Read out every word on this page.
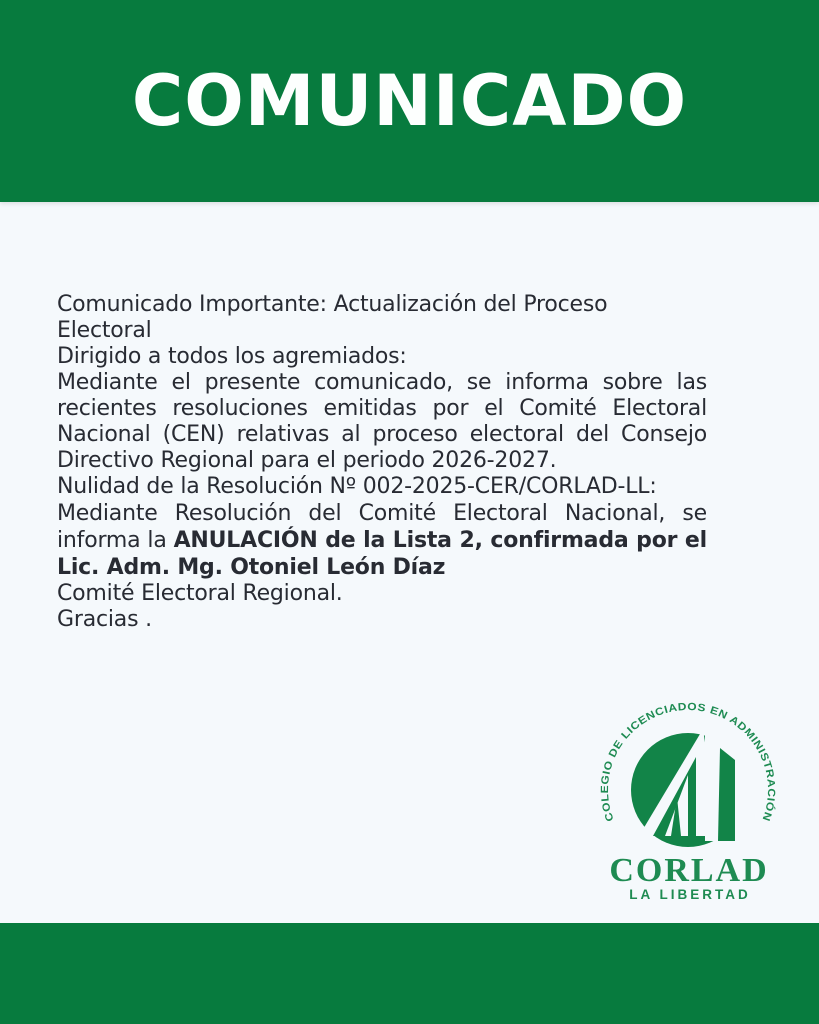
COMUNICADO

Comunicado Importante: Actualización del Proceso Electoral
Dirigido a todos los agremiados:

Mediante el presente comunicado, se informa sobre las recientes resoluciones emitidas por el Comité Electoral Nacional (CEN) relativas al proceso electoral del Consejo Directivo Regional para el periodo 2026-2027.

Nulidad de la Resolución Nº 002-2025-CER/CORLAD-LL:

Mediante Resolución del Comité Electoral Nacional, se informa la ANULACIÓN de la Lista 2, confirmada por el Lic. Adm. Mg. Otoniel León Díaz

Comité Electoral Regional.
Gracias .

COLEGIO DE LICENCIADOS EN ADMINISTRACIÓN
CORLAD
LA LIBERTAD
